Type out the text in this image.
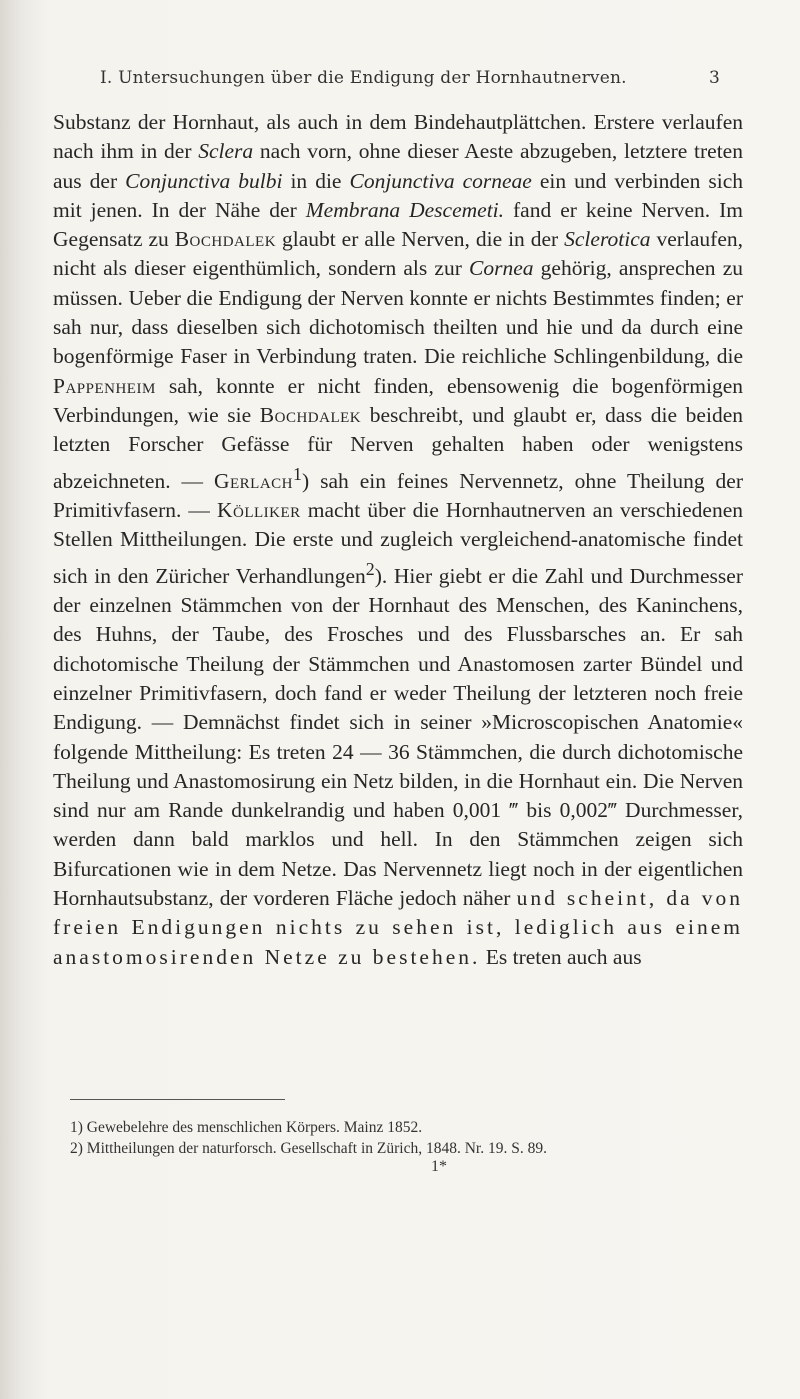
I. Untersuchungen über die Endigung der Hornhautnerven.	3

Substanz der Hornhaut, als auch in dem Bindehautplättchen. Erstere verlaufen nach ihm in der Sclera nach vorn, ohne dieser Aeste abzugeben, letztere treten aus der Conjunctiva bulbi in die Conjunctiva corneae ein und verbinden sich mit jenen. In der Nähe der Membrana Descemeti. fand er keine Nerven. Im Gegensatz zu Bochdalek glaubt er alle Nerven, die in der Sclerotica verlaufen, nicht als dieser eigenthümlich, sondern als zur Cornea gehörig, ansprechen zu müssen. Ueber die Endigung der Nerven konnte er nichts Bestimmtes finden; er sah nur, dass dieselben sich dichotomisch theilten und hie und da durch eine bogenförmige Faser in Verbindung traten. Die reichliche Schlingenbildung, die Pappenheim sah, konnte er nicht finden, ebensowenig die bogenförmigen Verbindungen, wie sie Bochdalek beschreibt, und glaubt er, dass die beiden letzten Forscher Gefässe für Nerven gehalten haben oder wenigstens abzeichneten. — Gerlach$^1$) sah ein feines Nervennetz, ohne Theilung der Primitivfasern. — Kölliker macht über die Hornhautnerven an verschiedenen Stellen Mittheilungen. Die erste und zugleich vergleichend-anatomische findet sich in den Züricher Verhandlungen$^2$). Hier giebt er die Zahl und Durchmesser der einzelnen Stämmchen von der Hornhaut des Menschen, des Kaninchens, des Huhns, der Taube, des Frosches und des Flussbarsches an. Er sah dichotomische Theilung der Stämmchen und Anastomosen zarter Bündel und einzelner Primitivfasern, doch fand er weder Theilung der letzteren noch freie Endigung. — Demnächst findet sich in seiner »Microscopischen Anatomie« folgende Mittheilung: Es treten 24 — 36 Stämmchen, die durch dichotomische Theilung und Anastomosirung ein Netz bilden, in die Hornhaut ein. Die Nerven sind nur am Rande dunkelrandig und haben 0,001 ‴ bis 0,002‴ Durchmesser, werden dann bald marklos und hell. In den Stämmchen zeigen sich Bifurcationen wie in dem Netze. Das Nervennetz liegt noch in der eigentlichen Hornhautsubstanz, der vorderen Fläche jedoch näher und scheint, da von freien Endigungen nichts zu sehen ist, lediglich aus einem anastomosirenden Netze zu bestehen. Es treten auch aus

1) Gewebelehre des menschlichen Körpers. Mainz 1852.
2) Mittheilungen der naturforsch. Gesellschaft in Zürich, 1848. Nr. 19. S. 89.
1*
